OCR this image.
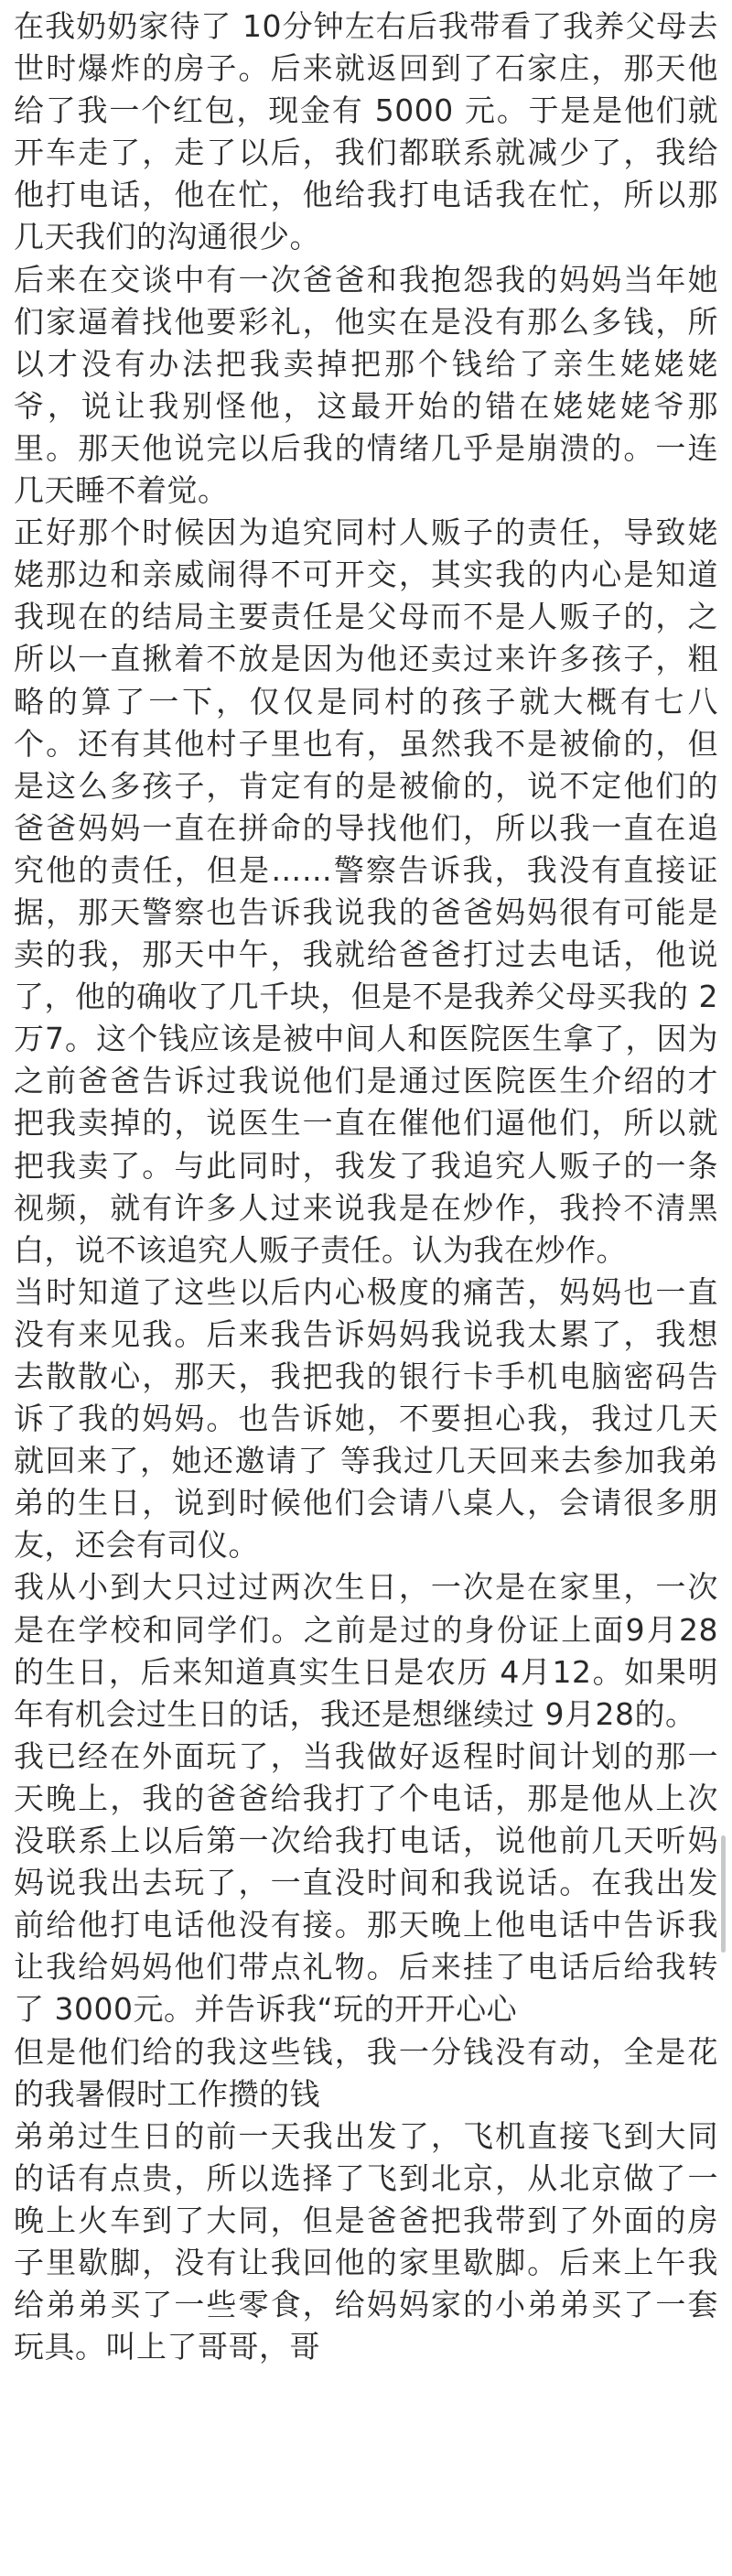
在我奶奶家待了 10分钟左右后我带看了我养父母去世时爆炸的房子。后来就返回到了石家庄，那天他给了我一个红包，现金有 5000 元。于是是他们就开车走了，走了以后，我们都联系就减少了，我给他打电话，他在忙，他给我打电话我在忙，所以那几天我们的沟通很少。

后来在交谈中有一次爸爸和我抱怨我的妈妈当年她们家逼着找他要彩礼，他实在是没有那么多钱，所以才没有办法把我卖掉把那个钱给了亲生姥姥姥爷，说让我别怪他，这最开始的错在姥姥姥爷那里。那天他说完以后我的情绪几乎是崩溃的。一连几天睡不着觉。

正好那个时候因为追究同村人贩子的责任，导致姥姥那边和亲威闹得不可开交，其实我的内心是知道我现在的结局主要责任是父母而不是人贩子的，之所以一直揪着不放是因为他还卖过来许多孩子，粗略的算了一下，仅仅是同村的孩子就大概有七八个。还有其他村子里也有，虽然我不是被偷的，但是这么多孩子，肯定有的是被偷的，说不定他们的爸爸妈妈一直在拼命的导找他们，所以我一直在追究他的责任，但是……警察告诉我，我没有直接证据，那天警察也告诉我说我的爸爸妈妈很有可能是卖的我，那天中午，我就给爸爸打过去电话，他说了，他的确收了几千块，但是不是我养父母买我的 2万7。这个钱应该是被中间人和医院医生拿了，因为之前爸爸告诉过我说他们是通过医院医生介绍的才把我卖掉的，说医生一直在催他们逼他们，所以就把我卖了。与此同时，我发了我追究人贩子的一条视频，就有许多人过来说我是在炒作，我拎不清黑白，说不该追究人贩子责任。认为我在炒作。

当时知道了这些以后内心极度的痛苦，妈妈也一直没有来见我。后来我告诉妈妈我说我太累了，我想去散散心，那天，我把我的银行卡手机电脑密码告诉了我的妈妈。也告诉她，不要担心我，我过几天就回来了，她还邀请了 等我过几天回来去参加我弟弟的生日，说到时候他们会请八桌人，会请很多朋友，还会有司仪。

我从小到大只过过两次生日，一次是在家里，一次是在学校和同学们。之前是过的身份证上面9月28 的生日，后来知道真实生日是农历 4月12。如果明年有机会过生日的话，我还是想继续过 9月28的。

我已经在外面玩了，当我做好返程时间计划的那一天晚上，我的爸爸给我打了个电话，那是他从上次没联系上以后第一次给我打电话，说他前几天听妈妈说我出去玩了，一直没时间和我说话。在我出发前给他打电话他没有接。那天晚上他电话中告诉我让我给妈妈他们带点礼物。后来挂了电话后给我转了 3000元。并告诉我“玩的开开心心

但是他们给的我这些钱，我一分钱没有动，全是花的我暑假时工作攒的钱

弟弟过生日的前一天我出发了，飞机直接飞到大同的话有点贵，所以选择了飞到北京，从北京做了一晚上火车到了大同，但是爸爸把我带到了外面的房子里歇脚，没有让我回他的家里歇脚。后来上午我给弟弟买了一些零食，给妈妈家的小弟弟买了一套玩具。叫上了哥哥，哥
